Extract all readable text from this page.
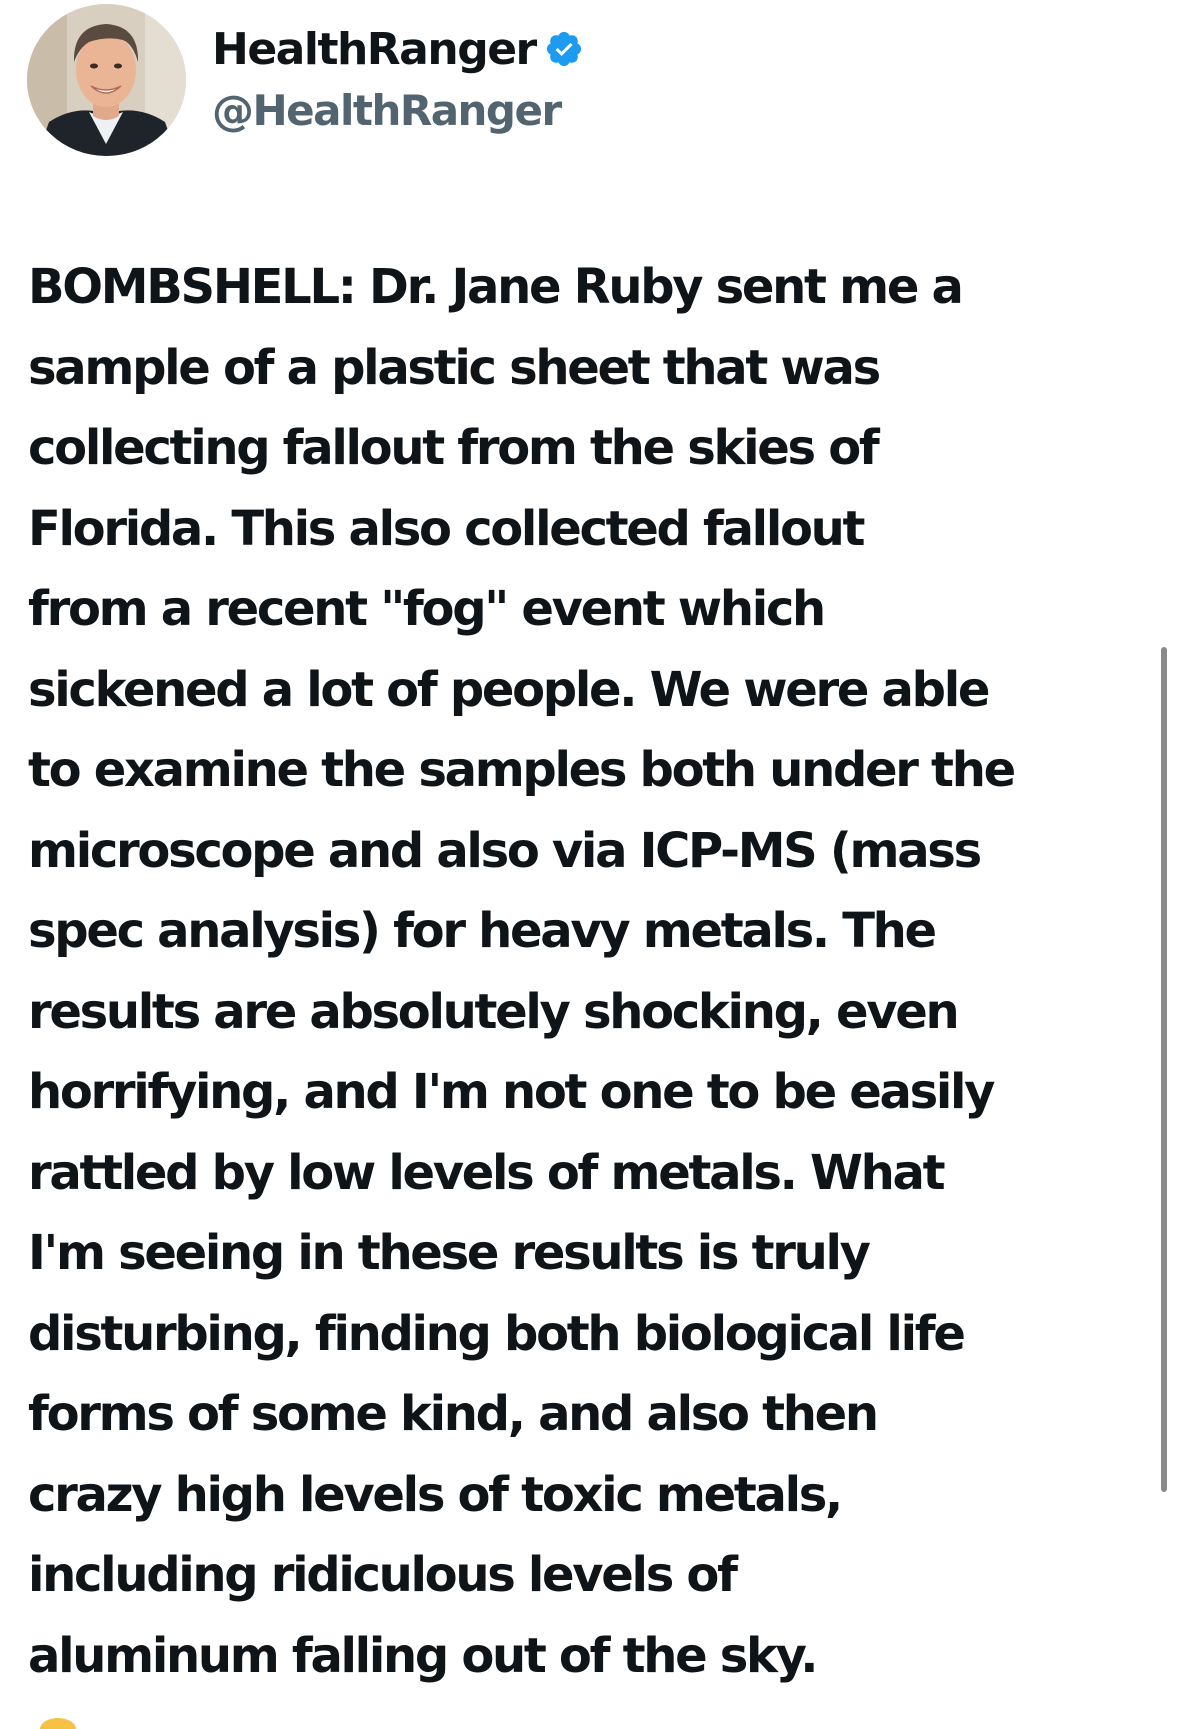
HealthRanger
@HealthRanger
BOMBSHELL: Dr. Jane Ruby sent me a
sample of a plastic sheet that was
collecting fallout from the skies of
Florida. This also collected fallout
from a recent "fog" event which
sickened a lot of people. We were able
to examine the samples both under the
microscope and also via ICP-MS (mass
spec analysis) for heavy metals. The
results are absolutely shocking, even
horrifying, and I'm not one to be easily
rattled by low levels of metals. What
I'm seeing in these results is truly
disturbing, finding both biological life
forms of some kind, and also then
crazy high levels of toxic metals,
including ridiculous levels of
aluminum falling out of the sky.
